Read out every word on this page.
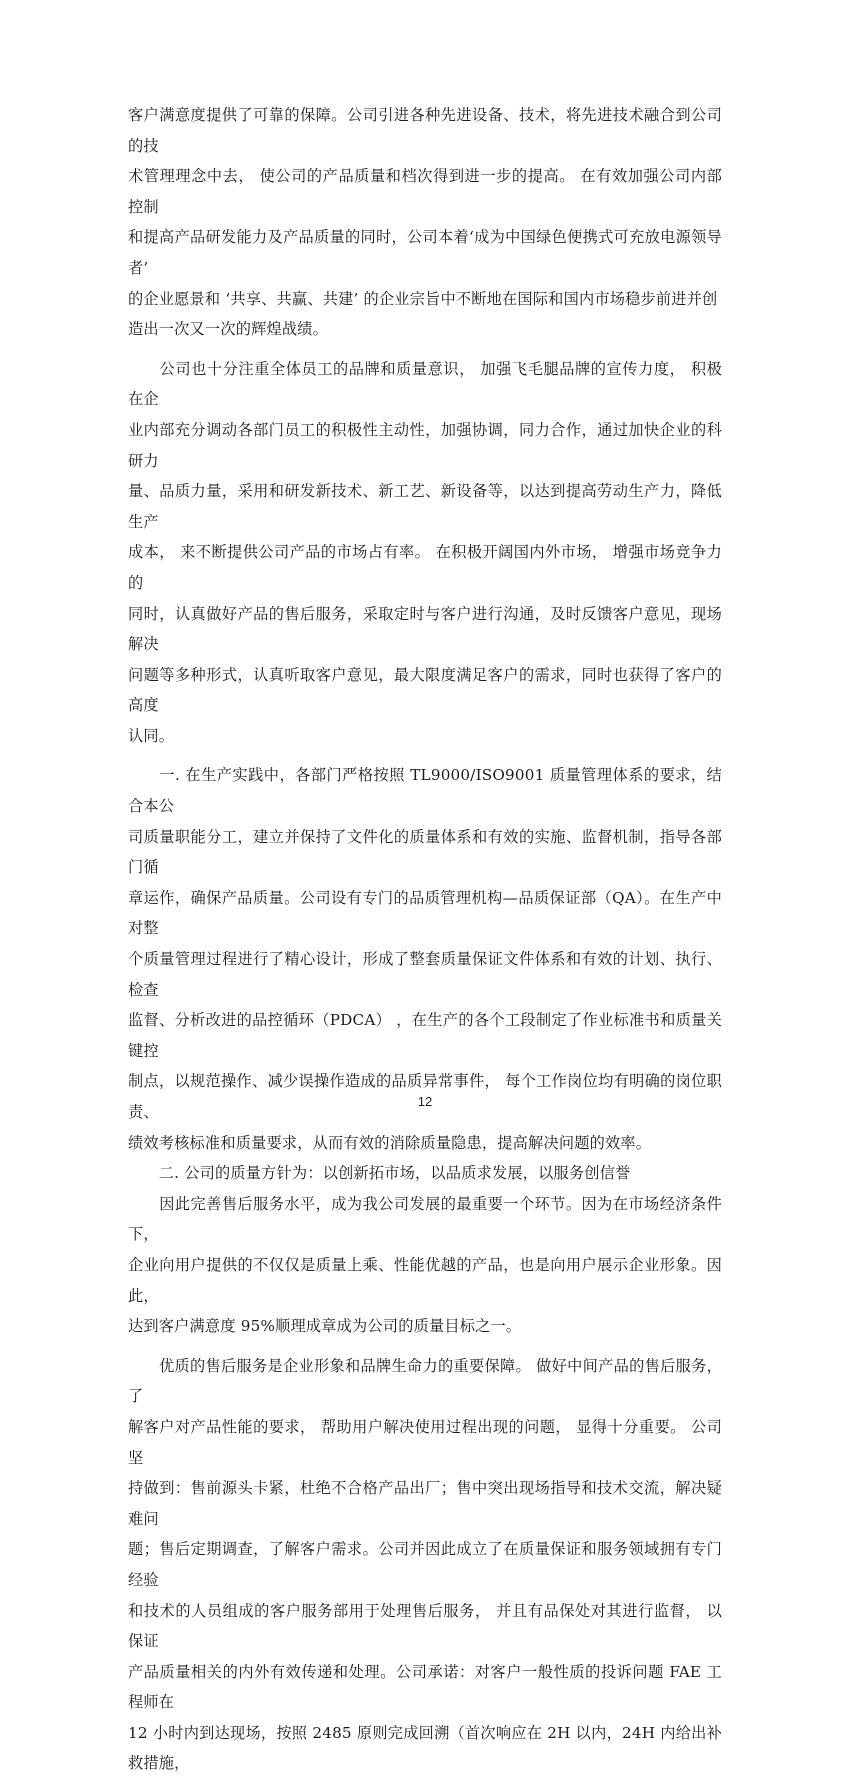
客户满意度提供了可靠的保障。公司引进各种先进设备、技术，将先进技术融合到公司的技
术管理理念中去， 使公司的产品质量和档次得到进一步的提高。 在有效加强公司内部控制
和提高产品研发能力及产品质量的同时，公司本着‘成为中国绿色便携式可充放电源领导者’
的企业愿景和 ‘共享、共赢、共建’ 的企业宗旨中不断地在国际和国内市场稳步前进并创
造出一次又一次的辉煌战绩。
　　公司也十分注重全体员工的品牌和质量意识， 加强飞毛腿品牌的宣传力度， 积极在企
业内部充分调动各部门员工的积极性主动性，加强协调，同力合作，通过加快企业的科研力
量、品质力量，采用和研发新技术、新工艺、新设备等，以达到提高劳动生产力，降低生产
成本， 来不断提供公司产品的市场占有率。 在积极开阔国内外市场， 增强市场竞争力的
同时，认真做好产品的售后服务，采取定时与客户进行沟通，及时反馈客户意见，现场解决
问题等多种形式，认真听取客户意见，最大限度满足客户的需求，同时也获得了客户的高度
认同。
　　一. 在生产实践中，各部门严格按照 TL9000/ISO9001 质量管理体系的要求，结合本公
司质量职能分工，建立并保持了文件化的质量体系和有效的实施、监督机制，指导各部门循
章运作，确保产品质量。公司设有专门的品质管理机构—品质保证部（QA）。在生产中对整
个质量管理过程进行了精心设计，形成了整套质量保证文件体系和有效的计划、执行、检查
监督、分析改进的品控循环（PDCA） ，在生产的各个工段制定了作业标准书和质量关键控
制点，以规范操作、减少误操作造成的品质异常事件， 每个工作岗位均有明确的岗位职责、
绩效考核标准和质量要求，从而有效的消除质量隐患，提高解决问题的效率。
　　二. 公司的质量方针为：以创新拓市场，以品质求发展，以服务创信誉
　　因此完善售后服务水平，成为我公司发展的最重要一个环节。因为在市场经济条件下，
企业向用户提供的不仅仅是质量上乘、性能优越的产品，也是向用户展示企业形象。因此，
达到客户满意度 95%顺理成章成为公司的质量目标之一。
　　优质的售后服务是企业形象和品牌生命力的重要保障。 做好中间产品的售后服务， 了
解客户对产品性能的要求， 帮助用户解决使用过程出现的问题， 显得十分重要。 公司坚
持做到：售前源头卡紧，杜绝不合格产品出厂；售中突出现场指导和技术交流，解决疑难问
题；售后定期调查，了解客户需求。公司并因此成立了在质量保证和服务领域拥有专门经验
和技术的人员组成的客户服务部用于处理售后服务， 并且有品保处对其进行监督， 以保证
产品质量相关的内外有效传递和处理。公司承诺：对客户一般性质的投诉问题 FAE 工程师在
12 小时内到达现场，按照 2485 原则完成回溯（首次响应在 2H 以内，24H 内给出补救措施，
12
